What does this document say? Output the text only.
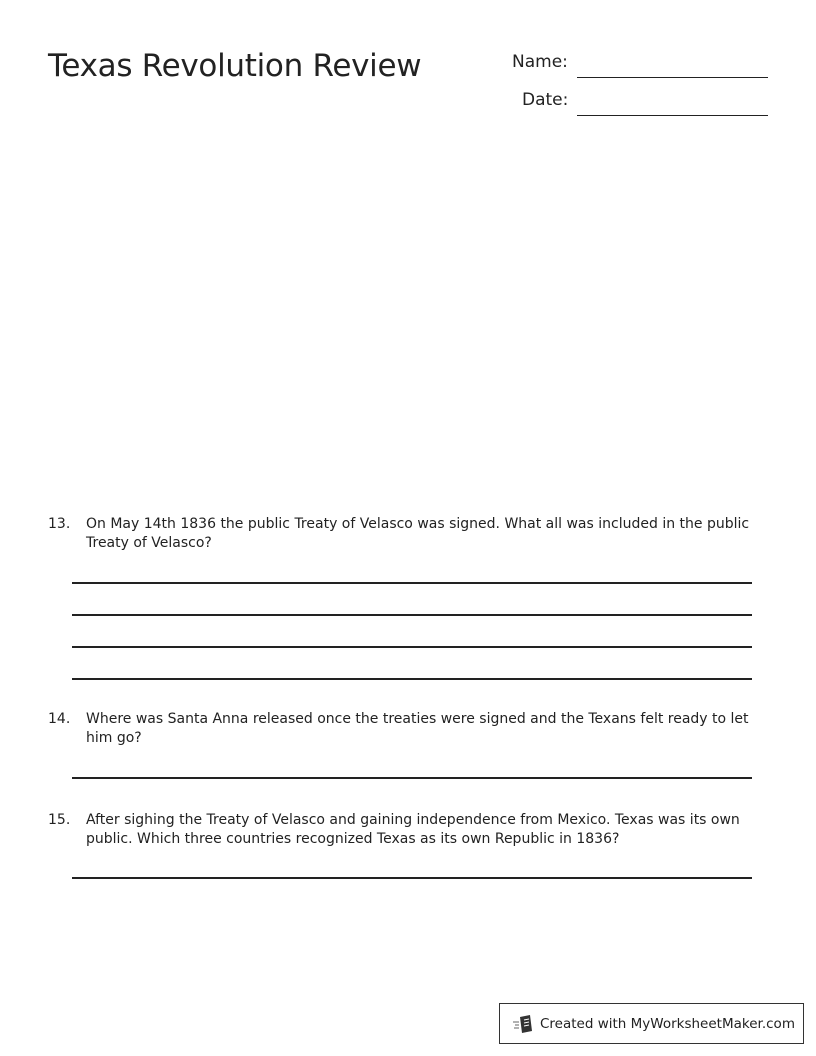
Texas Revolution Review	Name:
Date:
13. On May 14th 1836 the public Treaty of Velasco was signed. What all was included in the public Treaty of Velasco?
14. Where was Santa Anna released once the treaties were signed and the Texans felt ready to let him go?
15. After sighing the Treaty of Velasco and gaining independence from Mexico. Texas was its own public. Which three countries recognized Texas as its own Republic in 1836?
Created with MyWorksheetMaker.com
